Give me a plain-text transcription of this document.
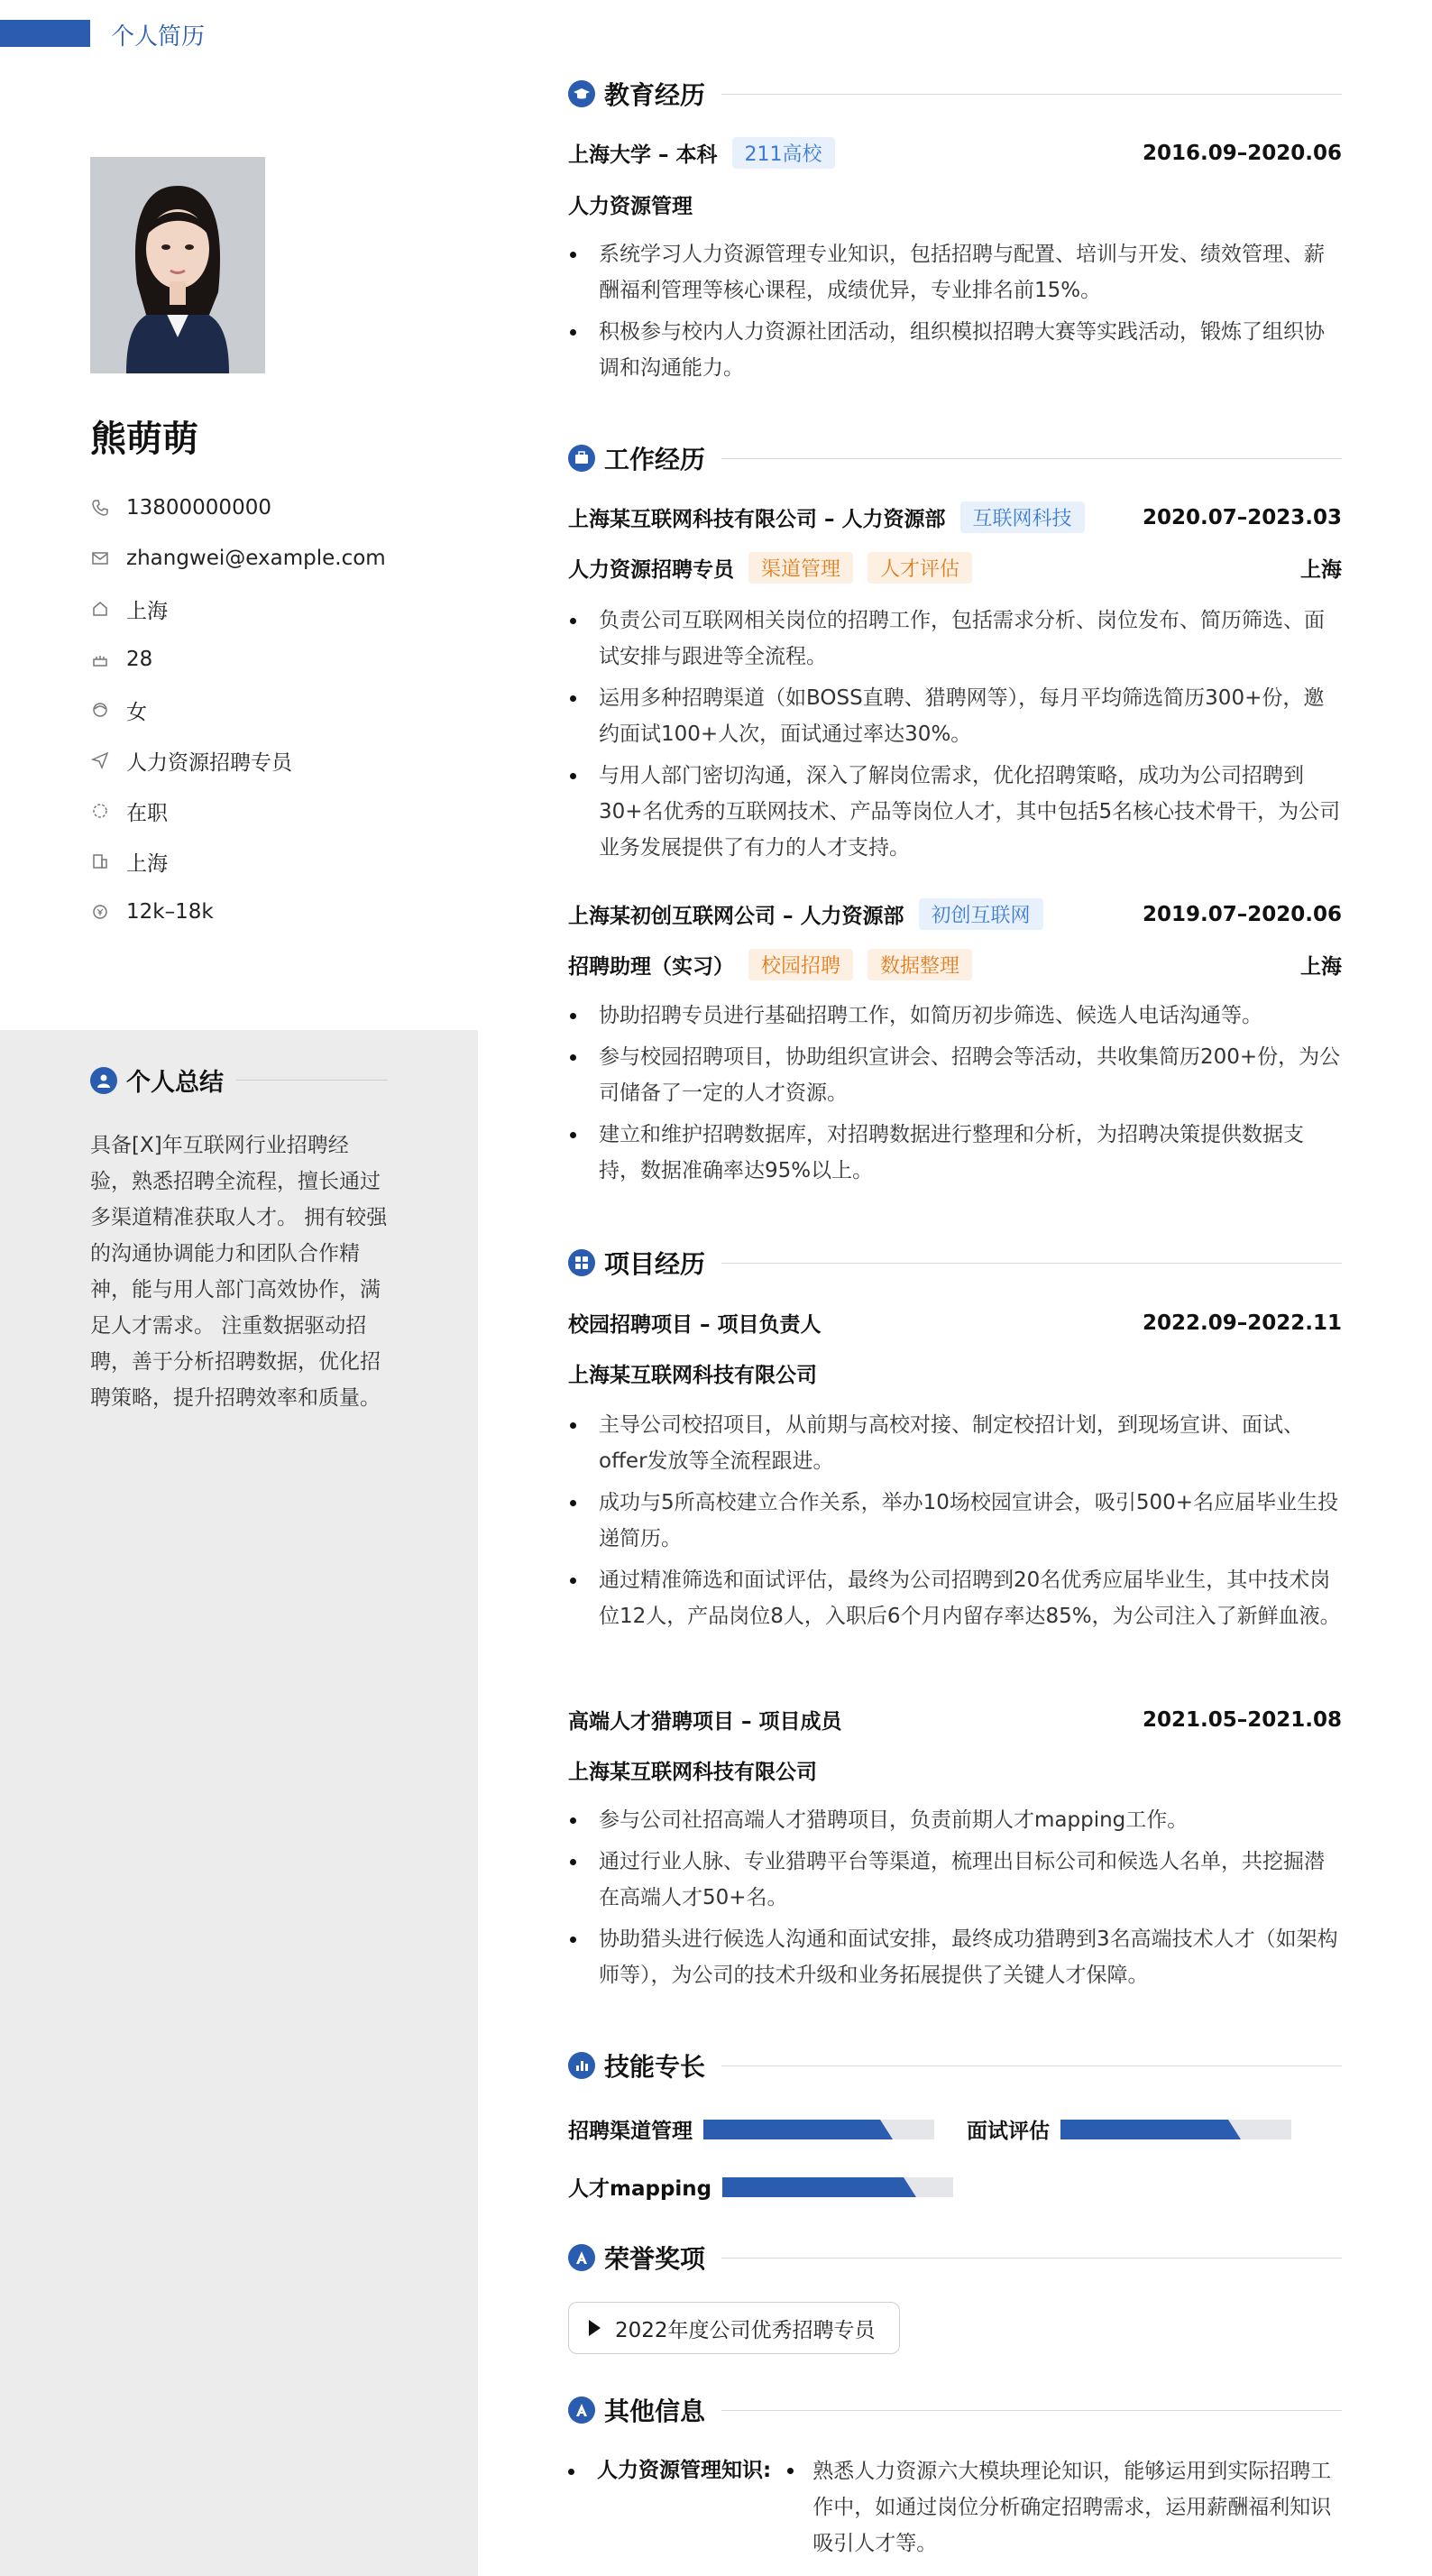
个人简历
熊萌萌
13800000000
zhangwei@example.com
上海
28
女
人力资源招聘专员
在职
上海
12k–18k
个人总结
具备[X]年互联网行业招聘经验，熟悉招聘全流程，擅长通过多渠道精准获取人才。 拥有较强的沟通协调能力和团队合作精神，能与用人部门高效协作，满足人才需求。 注重数据驱动招聘，善于分析招聘数据，优化招聘策略，提升招聘效率和质量。
教育经历
上海大学 – 本科	211高校	2016.09–2020.06
人力资源管理
系统学习人力资源管理专业知识，包括招聘与配置、培训与开发、绩效管理、薪酬福利管理等核心课程，成绩优异，专业排名前15%。
积极参与校内人力资源社团活动，组织模拟招聘大赛等实践活动，锻炼了组织协调和沟通能力。
工作经历
上海某互联网科技有限公司 – 人力资源部	互联网科技	2020.07–2023.03
人力资源招聘专员	渠道管理	人才评估	上海
负责公司互联网相关岗位的招聘工作，包括需求分析、岗位发布、简历筛选、面试安排与跟进等全流程。
运用多种招聘渠道（如BOSS直聘、猎聘网等），每月平均筛选简历300+份，邀约面试100+人次，面试通过率达30%。
与用人部门密切沟通，深入了解岗位需求，优化招聘策略，成功为公司招聘到30+名优秀的互联网技术、产品等岗位人才，其中包括5名核心技术骨干，为公司业务发展提供了有力的人才支持。
上海某初创互联网公司 – 人力资源部	初创互联网	2019.07–2020.06
招聘助理（实习）	校园招聘	数据整理	上海
协助招聘专员进行基础招聘工作，如简历初步筛选、候选人电话沟通等。
参与校园招聘项目，协助组织宣讲会、招聘会等活动，共收集简历200+份，为公司储备了一定的人才资源。
建立和维护招聘数据库，对招聘数据进行整理和分析，为招聘决策提供数据支持，数据准确率达95%以上。
项目经历
校园招聘项目 – 项目负责人	2022.09–2022.11
上海某互联网科技有限公司
主导公司校招项目，从前期与高校对接、制定校招计划，到现场宣讲、面试、offer发放等全流程跟进。
成功与5所高校建立合作关系，举办10场校园宣讲会，吸引500+名应届毕业生投递简历。
通过精准筛选和面试评估，最终为公司招聘到20名优秀应届毕业生，其中技术岗位12人，产品岗位8人，入职后6个月内留存率达85%，为公司注入了新鲜血液。
高端人才猎聘项目 – 项目成员	2021.05–2021.08
上海某互联网科技有限公司
参与公司社招高端人才猎聘项目，负责前期人才mapping工作。
通过行业人脉、专业猎聘平台等渠道，梳理出目标公司和候选人名单，共挖掘潜在高端人才50+名。
协助猎头进行候选人沟通和面试安排，最终成功猎聘到3名高端技术人才（如架构师等），为公司的技术升级和业务拓展提供了关键人才保障。
技能专长
招聘渠道管理	面试评估
人才mapping
荣誉奖项
2022年度公司优秀招聘专员
其他信息
人力资源管理知识:	熟悉人力资源六大模块理论知识，能够运用到实际招聘工作中，如通过岗位分析确定招聘需求，运用薪酬福利知识吸引人才等。
